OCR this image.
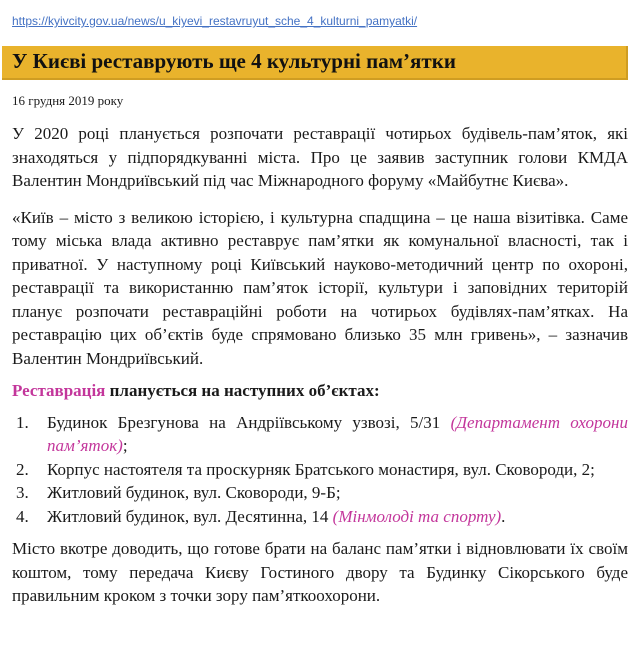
https://kyivcity.gov.ua/news/u_kiyevi_restavruyut_sche_4_kulturni_pamyatki/
У Києві реставрують ще 4 культурні пам’ятки
16 грудня 2019 року

У 2020 році планується розпочати реставрації чотирьох будівель-пам’яток, які знаходяться у підпорядкуванні міста. Про це заявив заступник голови КМДА Валентин Мондриївський під час Міжнародного форуму «Майбутнє Києва».

«Київ – місто з великою історією, і культурна спадщина – це наша візитівка. Саме тому міська влада активно реставрує пам’ятки як комунальної власності, так і приватної. У наступному році Київський науково-методичний центр по охороні, реставрації та використанню пам’яток історії, культури і заповідних територій планує розпочати реставраційні роботи на чотирьох будівлях-пам’ятках. На реставрацію цих об’єктів буде спрямовано близько 35 млн гривень», – зазначив Валентин Мондриївський.

Реставрація планується на наступних об’єктах:

1. Будинок Брезгунова на Андріївському узвозі, 5/31 (Департамент охорони пам’яток);
2. Корпус настоятеля та проскурняк Братського монастиря, вул. Сковороди, 2;
3. Житловий будинок, вул. Сковороди, 9-Б;
4. Житловий будинок, вул. Десятинна, 14 (Мінмолоді та спорту).

Місто вкотре доводить, що готове брати на баланс пам’ятки і відновлювати їх своїм коштом, тому передача Києву Гостиного двору та Будинку Сікорського буде правильним кроком з точки зору пам’яткоохорони.
